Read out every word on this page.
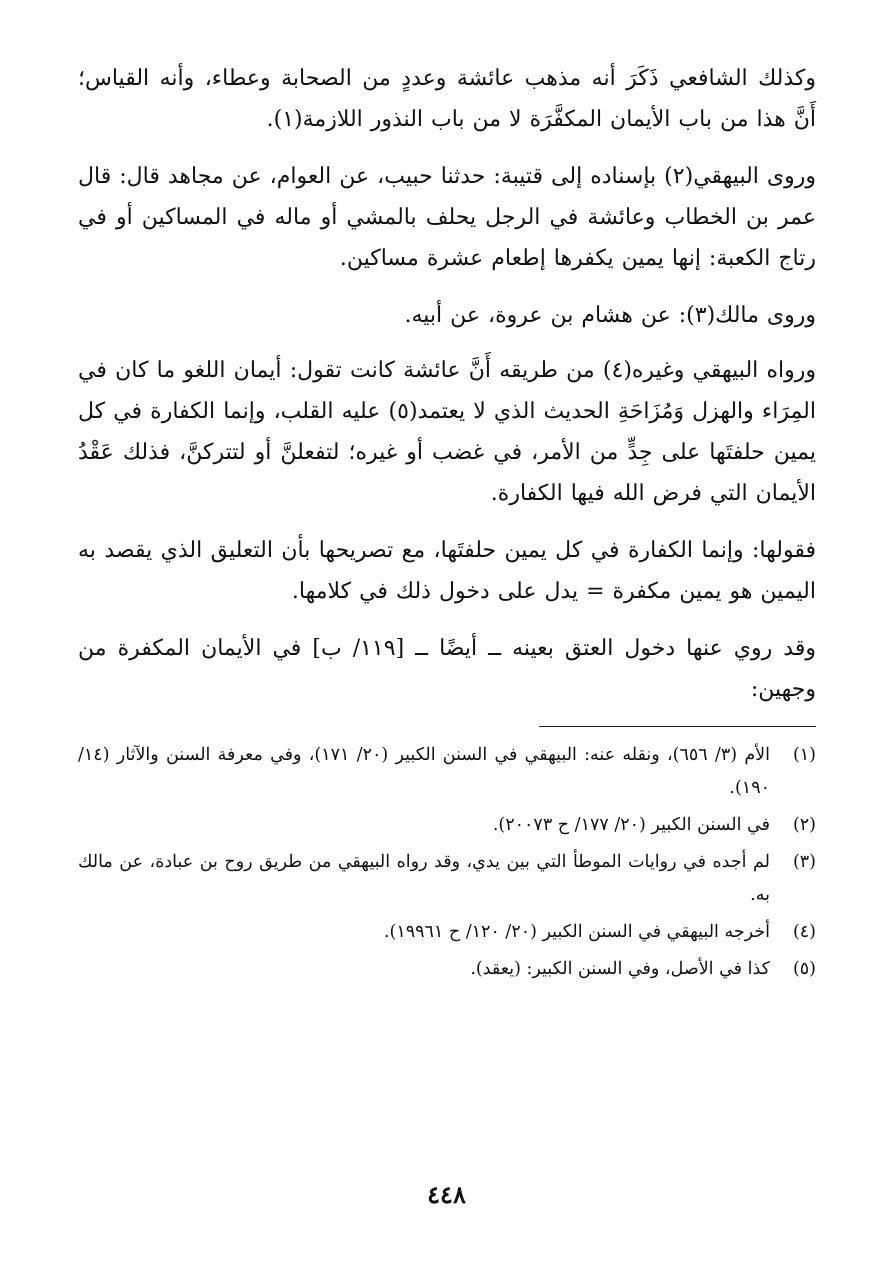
وكذلك الشافعي ذَكَرَ أنه مذهب عائشة وعددٍ من الصحابة وعطاء، وأنه القياس؛ أَنَّ هذا من باب الأيمان المكفَّرَة لا من باب النذور اللازمة(١).

وروى البيهقي(٢) بإسناده إلى قتيبة: حدثنا حبيب، عن العوام، عن مجاهد قال: قال عمر بن الخطاب وعائشة في الرجل يحلف بالمشي أو ماله في المساكين أو في رتاج الكعبة: إنها يمين يكفرها إطعام عشرة مساكين.

وروى مالك(٣): عن هشام بن عروة، عن أبيه.

ورواه البيهقي وغيره(٤) من طريقه أَنَّ عائشة كانت تقول: أيمان اللغو ما كان في المِرَاء والهزل وَمُزَاحَةِ الحديث الذي لا يعتمد(٥) عليه القلب، وإنما الكفارة في كل يمين حلفتَها على جِدٍّ من الأمر، في غضب أو غيره؛ لتفعلنَّ أو لتتركنَّ، فذلك عَقْدُ الأيمان التي فرض الله فيها الكفارة.

فقولها: وإنما الكفارة في كل يمين حلفتَها، مع تصريحها بأن التعليق الذي يقصد به اليمين هو يمين مكفرة = يدل على دخول ذلك في كلامها.

وقد روي عنها دخول العتق بعينه ــ أيضًا ــ [١١٩/ ب] في الأيمان المكفرة من وجهين:

(١)
الأم (٣/ ٦٥٦)، ونقله عنه: البيهقي في السنن الكبير (٢٠/ ١٧١)، وفي معرفة السنن والآثار (١٤/ ١٩٠).
(٢)
في السنن الكبير (٢٠/ ١٧٧/ ح ٢٠٠٧٣).
(٣)
لم أجده في روايات الموطأ التي بين يدي، وقد رواه البيهقي من طريق روح بن عبادة، عن مالك به.
(٤)
أخرجه البيهقي في السنن الكبير (٢٠/ ١٢٠/ ح ١٩٩٦١).
(٥)
كذا في الأصل، وفي السنن الكبير: (يعقد).
٤٤٨
